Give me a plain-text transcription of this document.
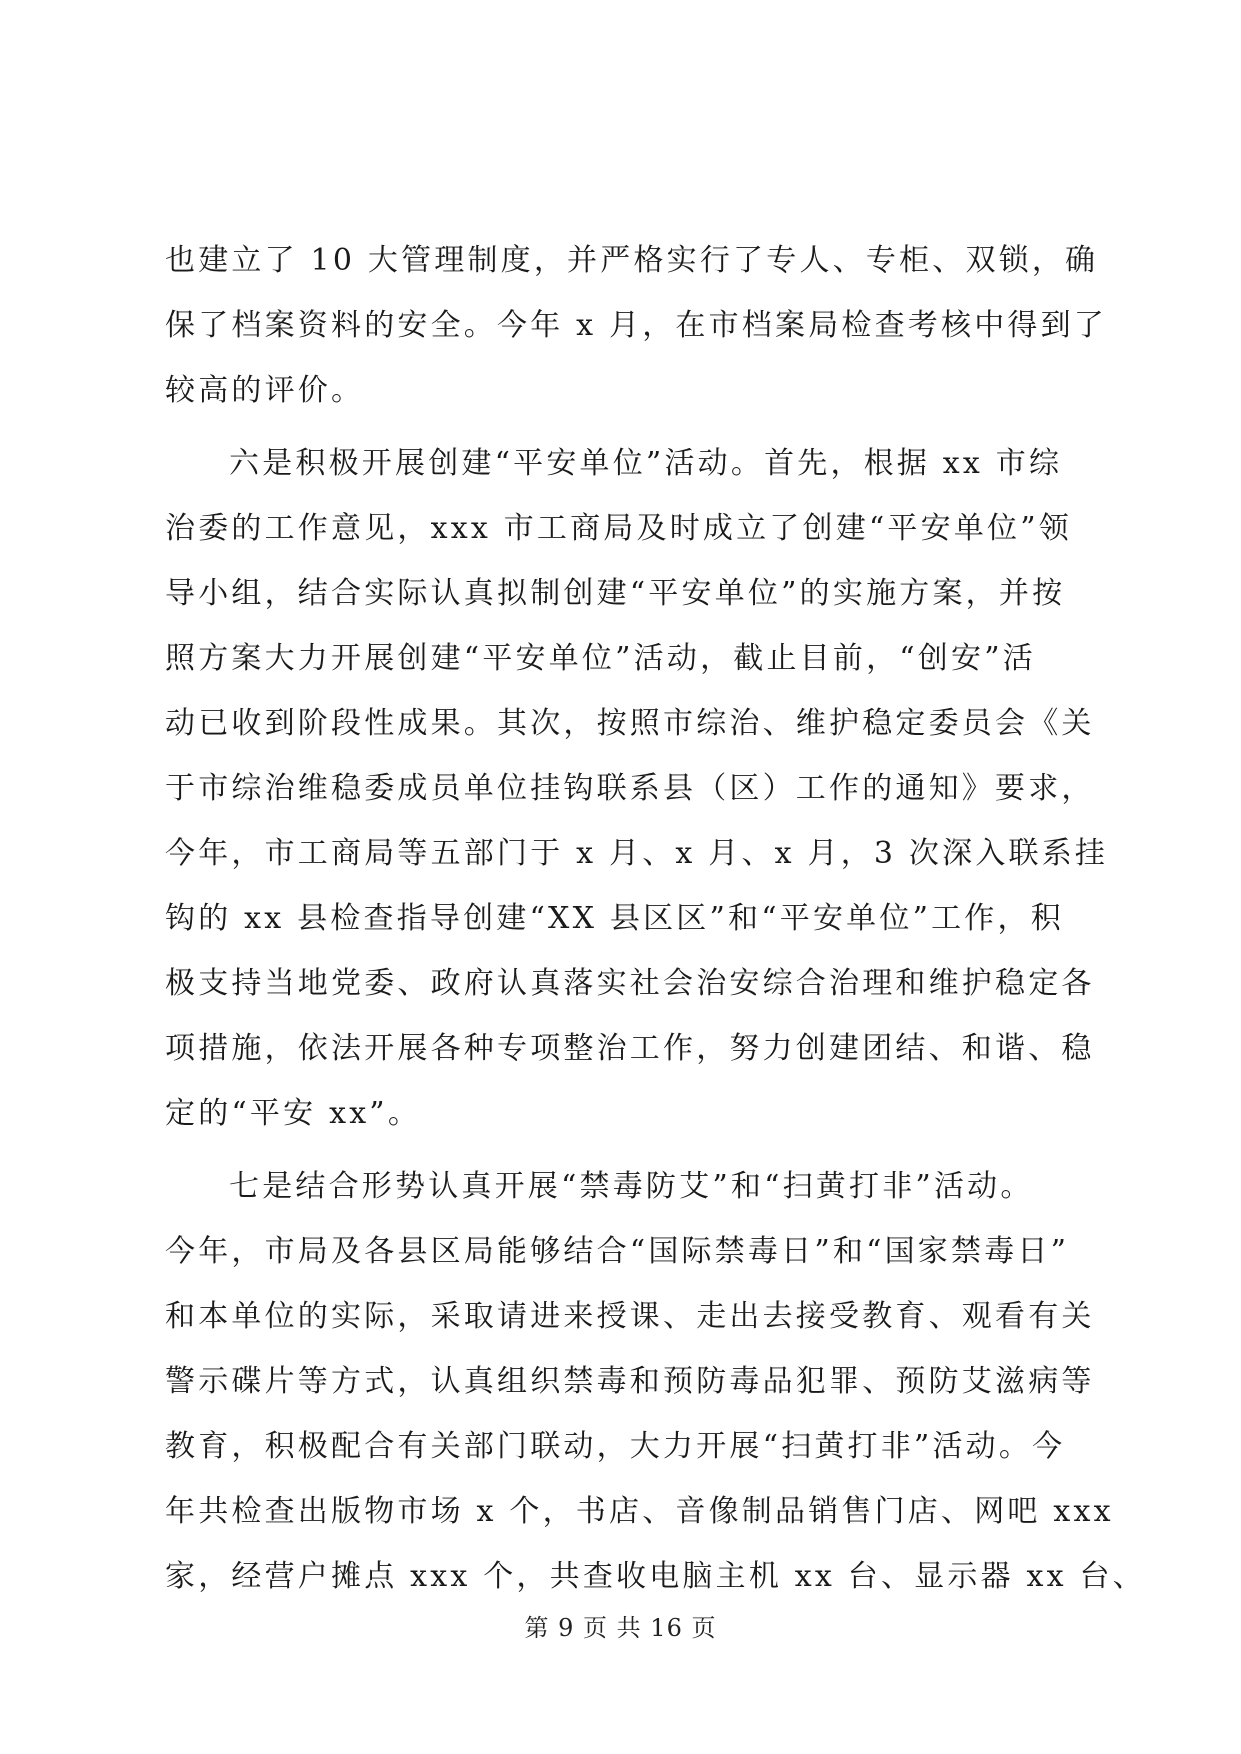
也建立了 10 大管理制度，并严格实行了专人、专柜、双锁，确
保了档案资料的安全。今年 x 月，在市档案局检查考核中得到了
较高的评价。
六是积极开展创建“平安单位”活动。首先，根据 xx 市综
治委的工作意见，xxx 市工商局及时成立了创建“平安单位”领
导小组，结合实际认真拟制创建“平安单位”的实施方案，并按
照方案大力开展创建“平安单位”活动，截止目前，“创安”活
动已收到阶段性成果。其次，按照市综治、维护稳定委员会《关
于市综治维稳委成员单位挂钩联系县（区）工作的通知》要求，
今年，市工商局等五部门于 x 月、x 月、x 月，3 次深入联系挂
钩的 xx 县检查指导创建“XX 县区区”和“平安单位”工作，积
极支持当地党委、政府认真落实社会治安综合治理和维护稳定各
项措施，依法开展各种专项整治工作，努力创建团结、和谐、稳
定的“平安 xx”。
七是结合形势认真开展“禁毒防艾”和“扫黄打非”活动。
今年，市局及各县区局能够结合“国际禁毒日”和“国家禁毒日”
和本单位的实际，采取请进来授课、走出去接受教育、观看有关
警示碟片等方式，认真组织禁毒和预防毒品犯罪、预防艾滋病等
教育，积极配合有关部门联动，大力开展“扫黄打非”活动。今
年共检查出版物市场 x 个，书店、音像制品销售门店、网吧 xxx
家，经营户摊点 xxx 个，共查收电脑主机 xx 台、显示器 xx 台、
第 9 页 共 16 页
